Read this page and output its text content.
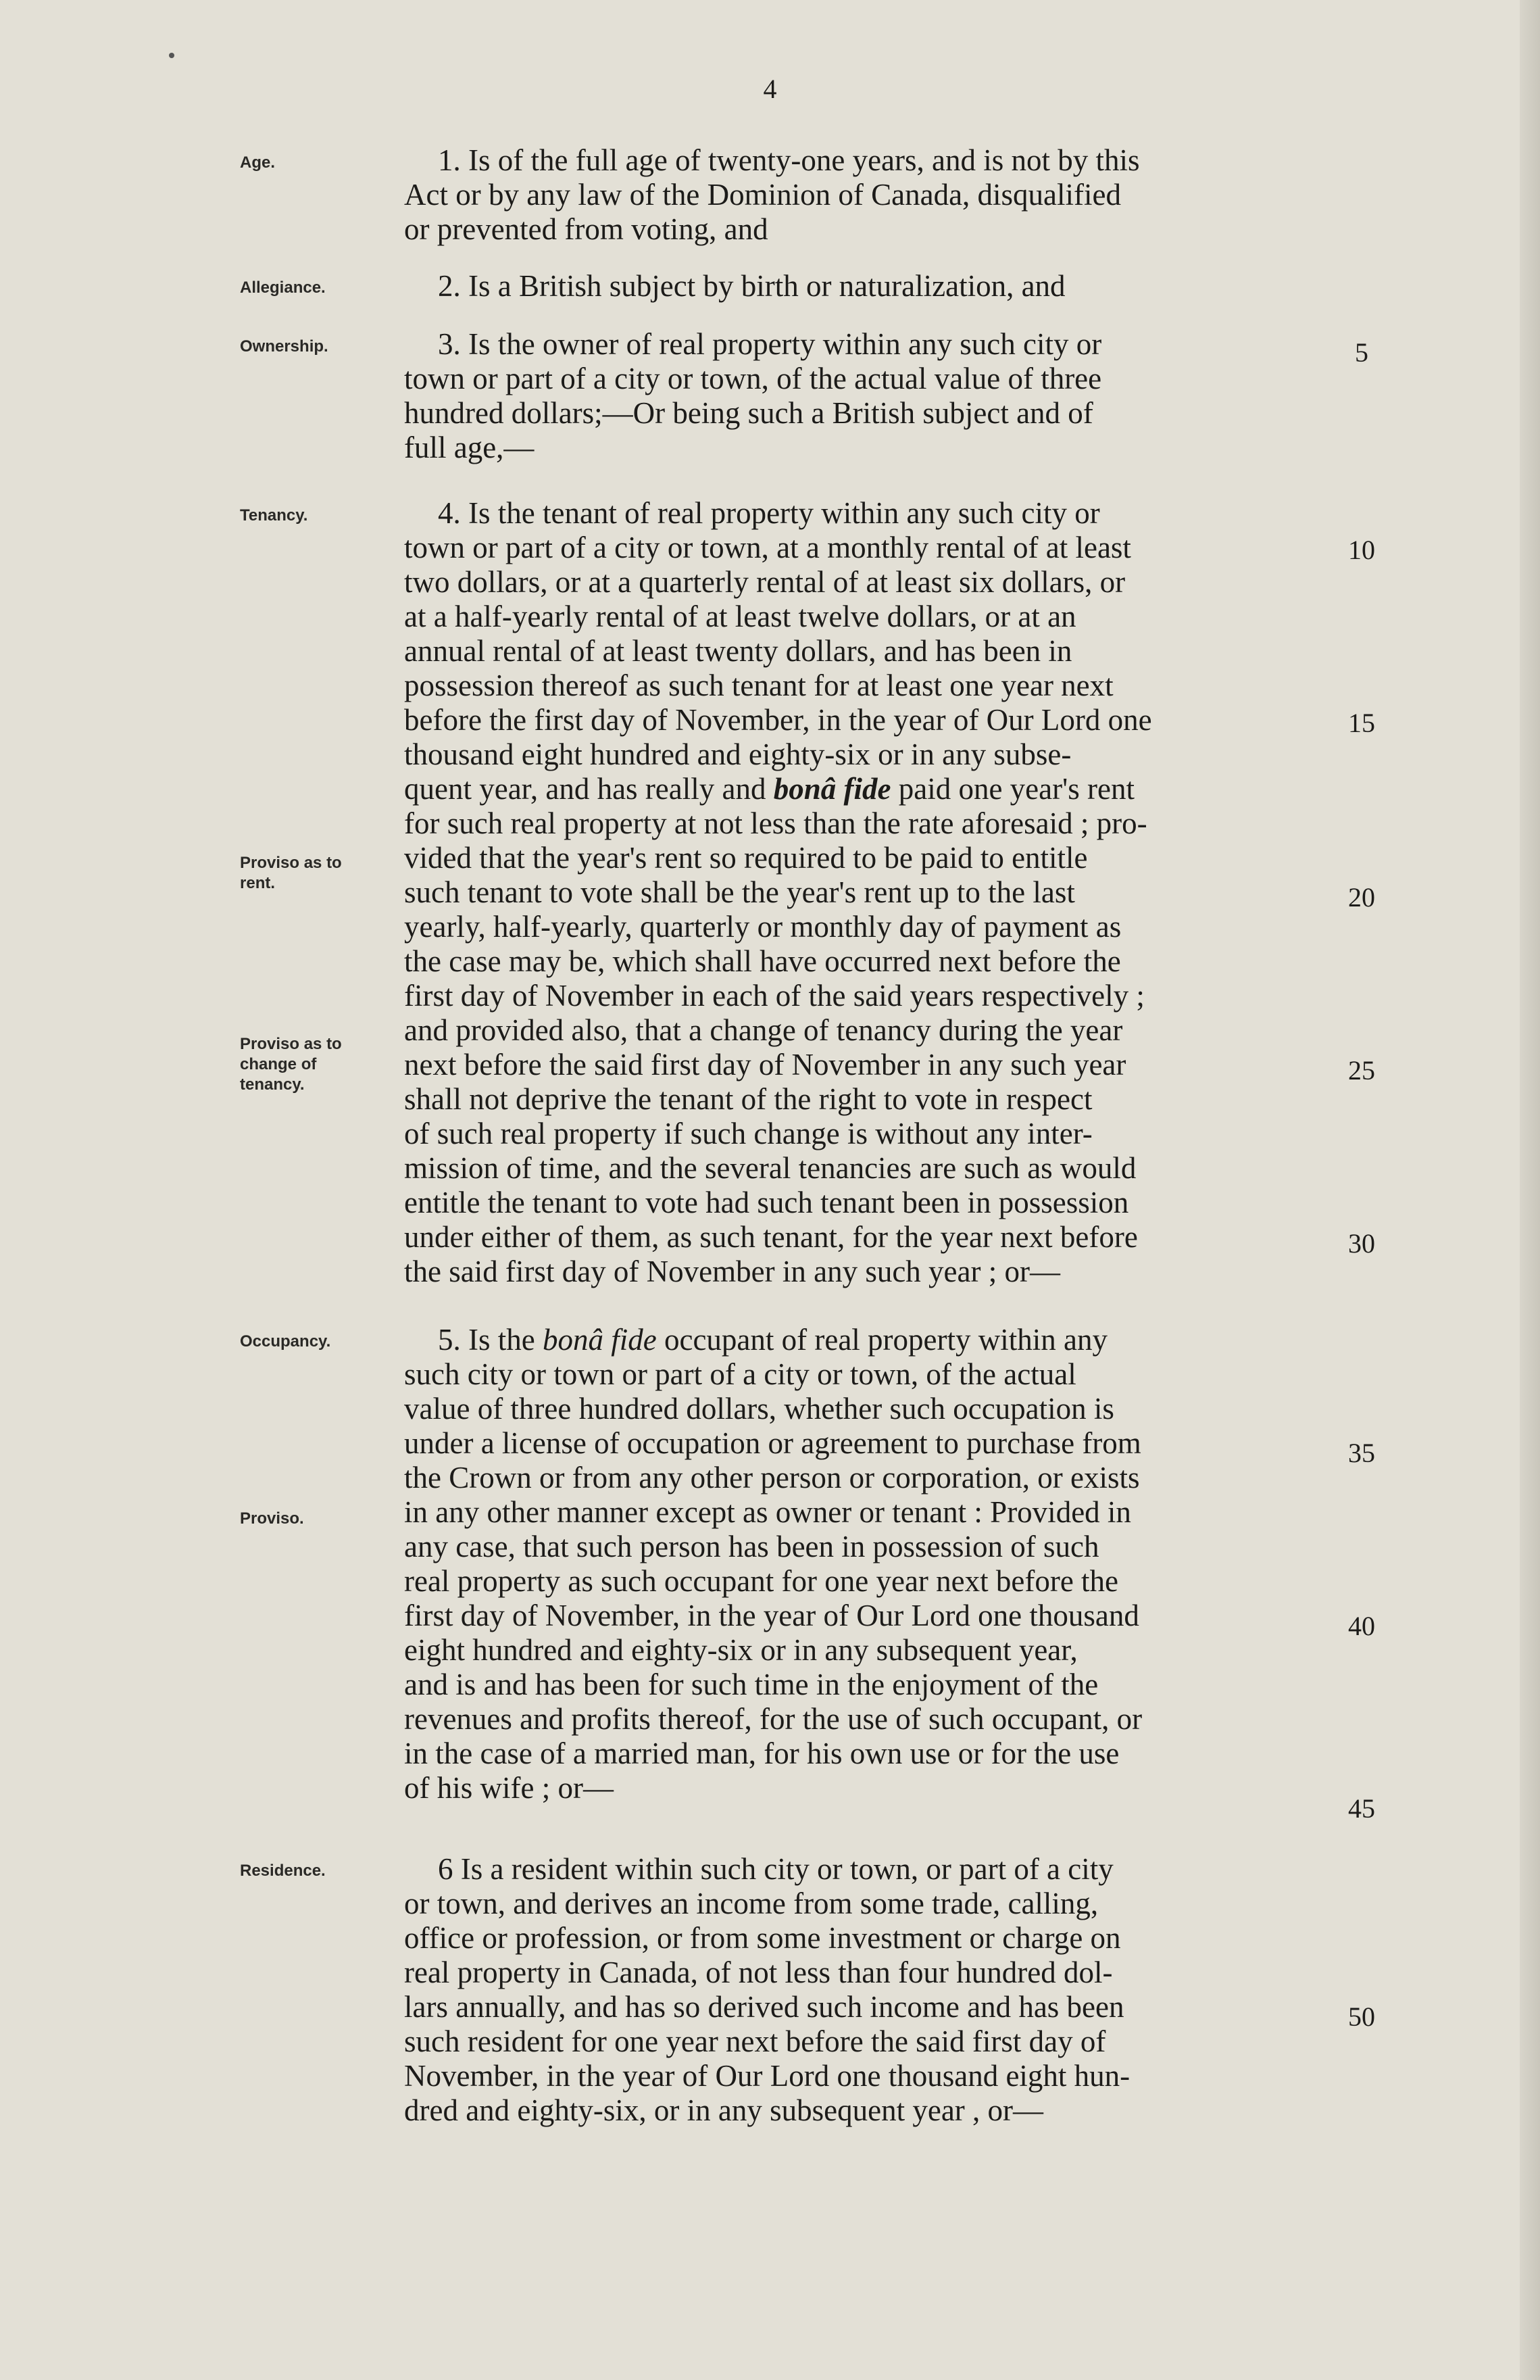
4
Age.
Allegiance.
Ownership.
Tenancy.
Proviso as to
rent.
Proviso as to
change of
tenancy.
Occupancy.
Proviso.
Residence.
1. Is of the full age of twenty-one years, and is not by this
Act or by any law of the Dominion of Canada, disqualified
or prevented from voting, and
2. Is a British subject by birth or naturalization, and
3. Is the owner of real property within any such city or
town or part of a city or town, of the actual value of three
hundred dollars;—Or being such a British subject and of
full age,—
4. Is the tenant of real property within any such city or
town or part of a city or town, at a monthly rental of at least
two dollars, or at a quarterly rental of at least six dollars, or
at a half-yearly rental of at least twelve dollars, or at an
annual rental of at least twenty dollars, and has been in
possession thereof as such tenant for at least one year next
before the first day of November, in the year of Our Lord one
thousand eight hundred and eighty-six or in any subse-
quent year, and has really and bonâ fide paid one year's rent
for such real property at not less than the rate aforesaid ; pro-
vided that the year's rent so required to be paid to entitle
such tenant to vote shall be the year's rent up to the last
yearly, half-yearly, quarterly or monthly day of payment as
the case may be, which shall have occurred next before the
first day of November in each of the said years respectively ;
and provided also, that a change of tenancy during the year
next before the said first day of November in any such year
shall not deprive the tenant of the right to vote in respect
of such real property if such change is without any inter-
mission of time, and the several tenancies are such as would
entitle the tenant to vote had such tenant been in possession
under either of them, as such tenant, for the year next before
the said first day of November in any such year ; or—
5. Is the bonâ fide occupant of real property within any
such city or town or part of a city or town, of the actual
value of three hundred dollars, whether such occupation is
under a license of occupation or agreement to purchase from
the Crown or from any other person or corporation, or exists
in any other manner except as owner or tenant : Provided in
any case, that such person has been in possession of such
real property as such occupant for one year next before the
first day of November, in the year of Our Lord one thousand
eight hundred and eighty-six or in any subsequent year,
and is and has been for such time in the enjoyment of the
revenues and profits thereof, for the use of such occupant, or
in the case of a married man, for his own use or for the use
of his wife ; or—
6 Is a resident within such city or town, or part of a city
or town, and derives an income from some trade, calling,
office or profession, or from some investment or charge on
real property in Canada, of not less than four hundred dol-
lars annually, and has so derived such income and has been
such resident for one year next before the said first day of
November, in the year of Our Lord one thousand eight hun-
dred and eighty-six, or in any subsequent year , or—
5
10
15
20
25
30
35
40
45
50
